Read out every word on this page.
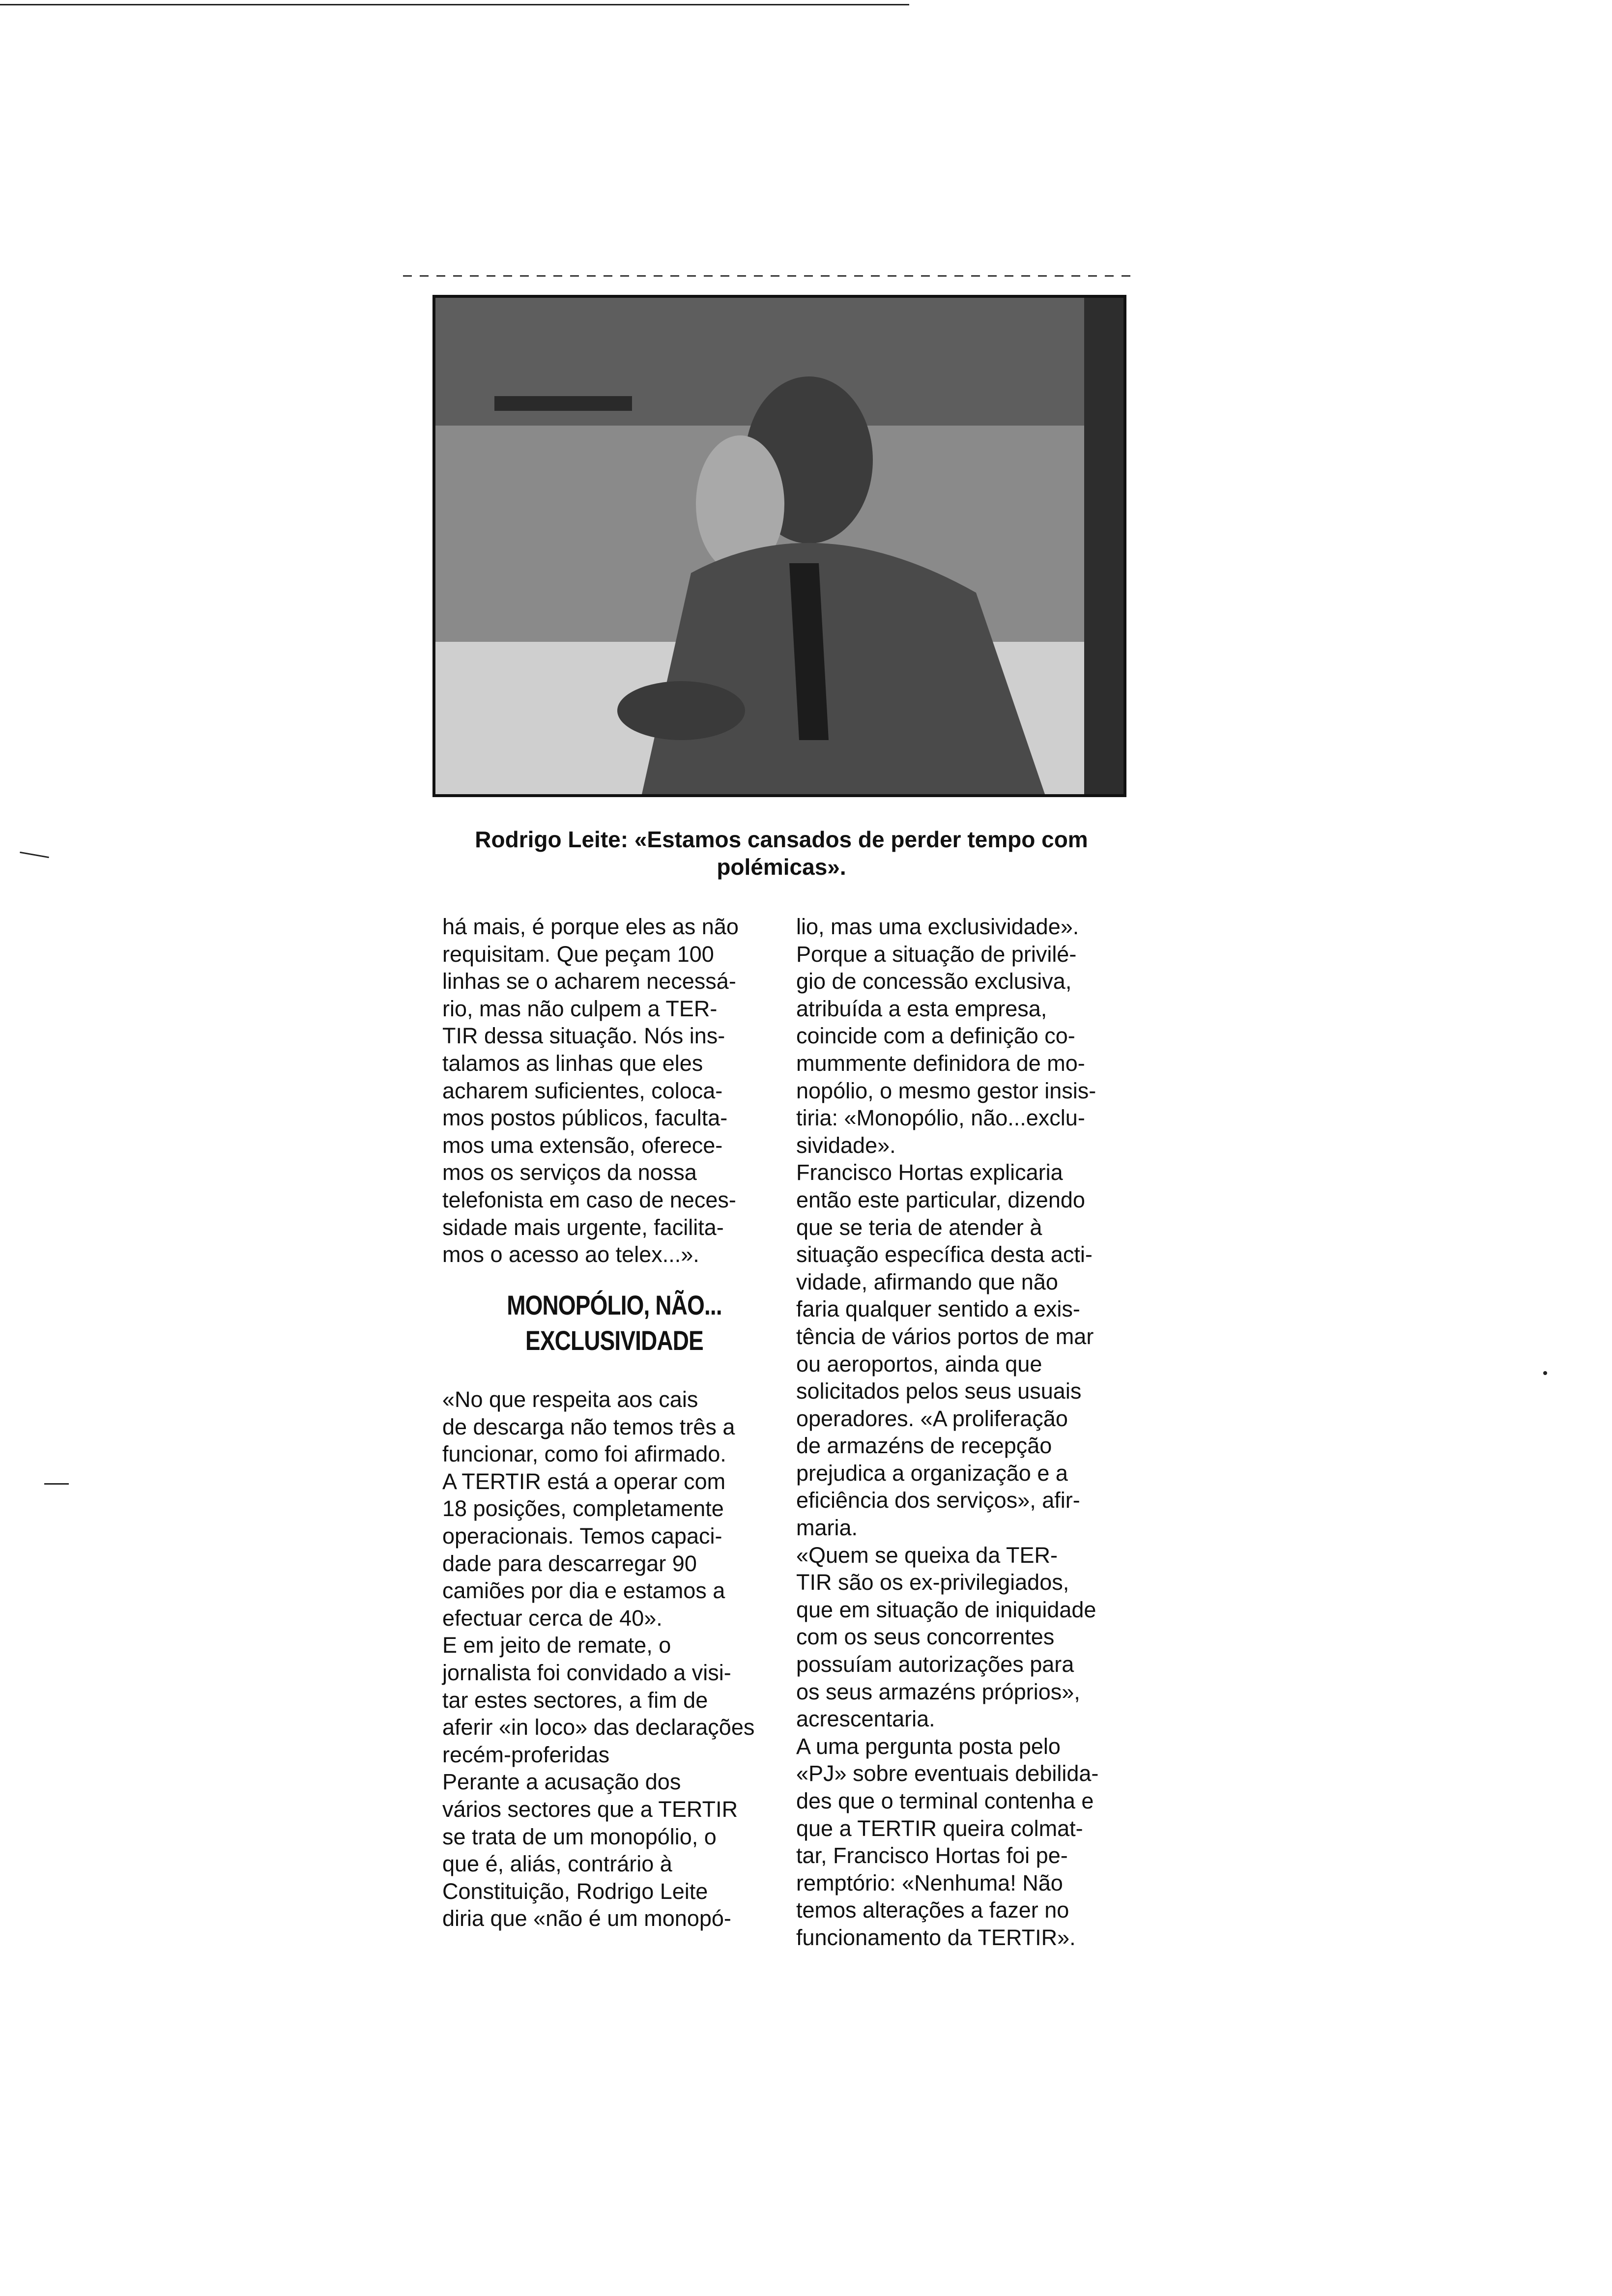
Rodrigo Leite: «Estamos cansados de perder tempo com
polémicas».

há mais, é porque eles as não

requisitam. Que peçam 100

linhas se o acharem necessá-

rio, mas não culpem a TER-

TIR dessa situação. Nós ins-

talamos as linhas que eles

acharem suficientes, coloca-

mos postos públicos, faculta-

mos uma extensão, oferece-

mos os serviços da nossa

telefonista em caso de neces-

sidade mais urgente, facilita-

mos o acesso ao telex...».

MONOPÓLIO, NÃO...
EXCLUSIVIDADE

«No que respeita aos cais

de descarga não temos três a

funcionar, como foi afirmado.

A TERTIR está a operar com

18 posições, completamente

operacionais. Temos capaci-

dade para descarregar 90

camiões por dia e estamos a

efectuar cerca de 40».

E em jeito de remate, o

jornalista foi convidado a visi-

tar estes sectores, a fim de

aferir «in loco» das declarações

recém-proferidas

Perante a acusação dos

vários sectores que a TERTIR

se trata de um monopólio, o

que é, aliás, contrário à

Constituição, Rodrigo Leite

diria que «não é um monopó-

lio, mas uma exclusividade».

Porque a situação de privilé-

gio de concessão exclusiva,

atribuída a esta empresa,

coincide com a definição co-

mummente definidora de mo-

nopólio, o mesmo gestor insis-

tiria: «Monopólio, não...exclu-

sividade».

Francisco Hortas explicaria

então este particular, dizendo

que se teria de atender à

situação específica desta acti-

vidade, afirmando que não

faria qualquer sentido a exis-

tência de vários portos de mar

ou aeroportos, ainda que

solicitados pelos seus usuais

operadores. «A proliferação

de armazéns de recepção

prejudica a organização e a

eficiência dos serviços», afir-

maria.

«Quem se queixa da TER-

TIR são os ex-privilegiados,

que em situação de iniquidade

com os seus concorrentes

possuíam autorizações para

os seus armazéns próprios»,

acrescentaria.

A uma pergunta posta pelo

«PJ» sobre eventuais debilida-

des que o terminal contenha e

que a TERTIR queira colmat-

tar, Francisco Hortas foi pe-

remptório: «Nenhuma! Não

temos alterações a fazer no

funcionamento da TERTIR».
